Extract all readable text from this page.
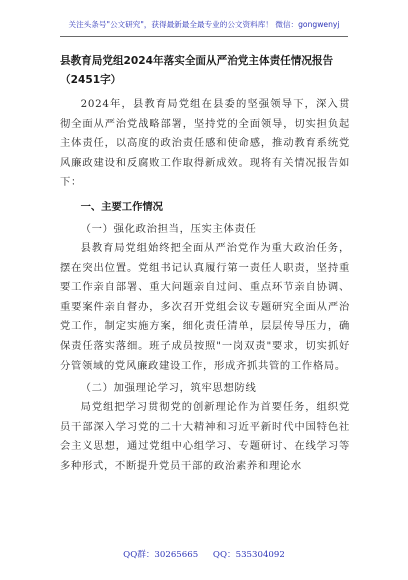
关注头条号"公文研究"，获得最新最全最专业的公文资料库！ 微信：gongwenyj
县教育局党组2024年落实全面从严治党主体责任情况报告
（2451字）

2024年，县教育局党组在县委的坚强领导下，深入贯彻全面从严治党战略部署，坚持党的全面领导，切实担负起主体责任，以高度的政治责任感和使命感，推动教育系统党风廉政建设和反腐败工作取得新成效。现将有关情况报告如下：

一、主要工作情况
（一）强化政治担当，压实主体责任

县教育局党组始终把全面从严治党作为重大政治任务，摆在突出位置。党组书记认真履行第一责任人职责，坚持重要工作亲自部署、重大问题亲自过问、重点环节亲自协调、重要案件亲自督办，多次召开党组会议专题研究全面从严治党工作，制定实施方案，细化责任清单，层层传导压力，确保责任落实落细。班子成员按照"一岗双责"要求，切实抓好分管领域的党风廉政建设工作，形成齐抓共管的工作格局。

（二）加强理论学习，筑牢思想防线

局党组把学习贯彻党的创新理论作为首要任务，组织党员干部深入学习党的二十大精神和习近平新时代中国特色社会主义思想，通过党组中心组学习、专题研讨、在线学习等多种形式，不断提升党员干部的政治素养和理论水

QQ群：30265665 QQ：535304092
